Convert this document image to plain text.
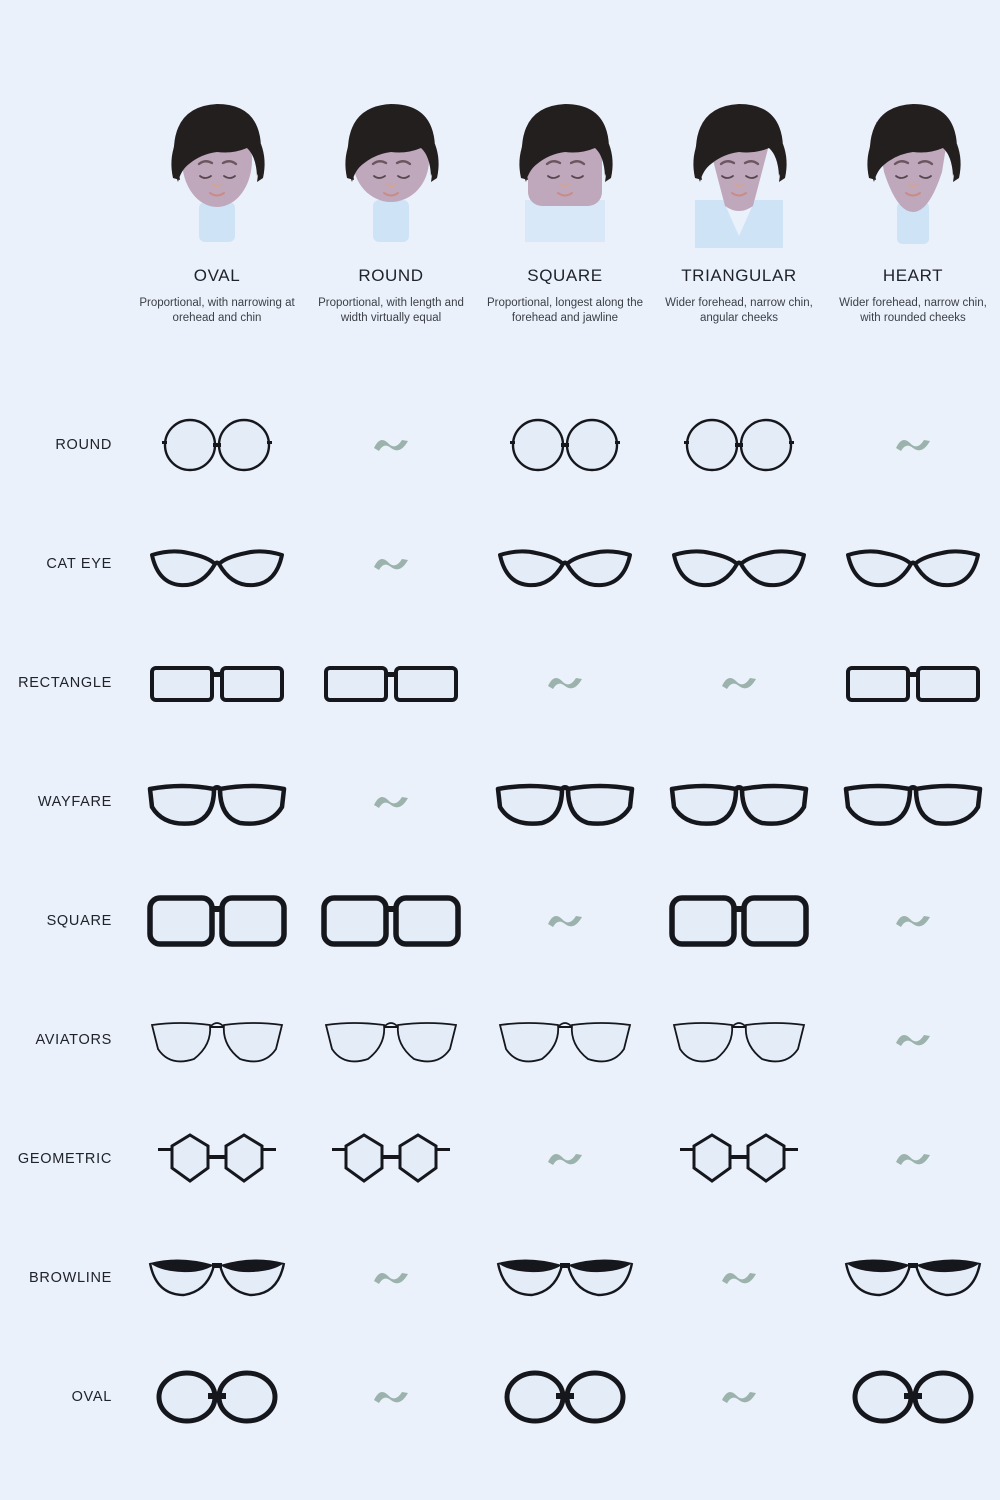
OVAL
Proportional, with narrowing at orehead and chin
ROUND
Proportional, with length and width virtually equal
SQUARE
Proportional, longest along the forehead and jawline
TRIANGULAR
Wider forehead, narrow chin, angular cheeks
HEART
Wider forehead, narrow chin, with rounded cheeks
ROUND
CAT EYE
RECTANGLE
WAYFARE
SQUARE
AVIATORS
GEOMETRIC
BROWLINE
OVAL
